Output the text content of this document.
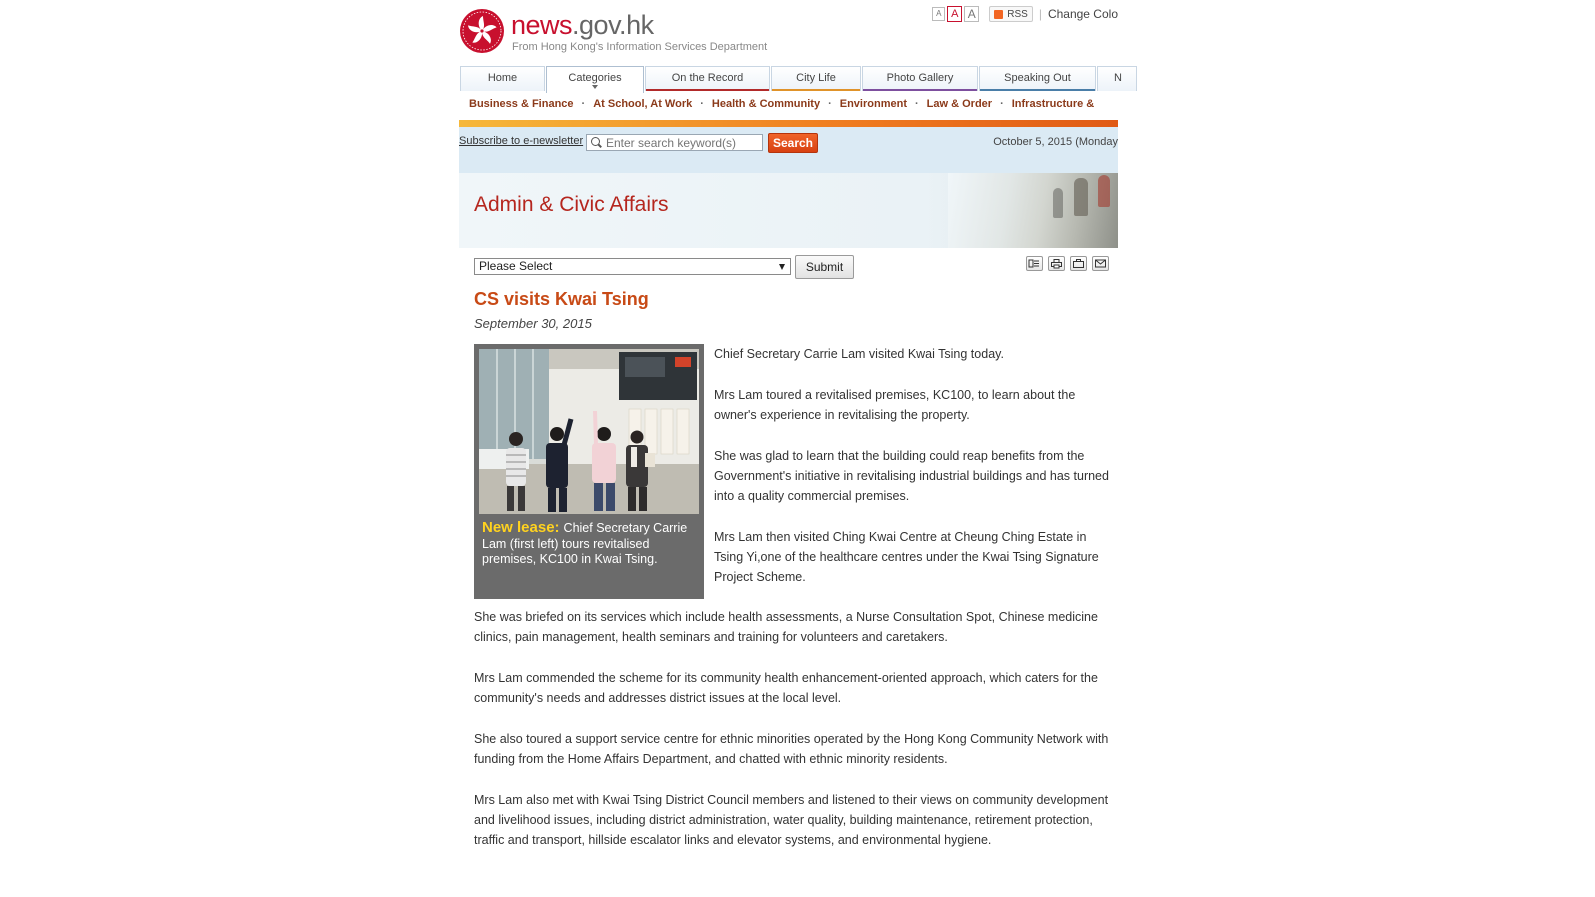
news.gov.hk
From Hong Kong's Information Services Department
A A A	RSS | Change Colo
Home	Categories	On the Record	City Life	Photo Gallery	Speaking Out	N
Business & Finance · At School, At Work · Health & Community · Environment · Law & Order · Infrastructure &
Subscribe to e-newsletter
Enter search keyword(s)	Search	October 5, 2015 (Monday
Admin & Civic Affairs
Please Select	Submit
CS visits Kwai Tsing
September 30, 2015
New lease: Chief Secretary Carrie Lam (first left) tours revitalised premises, KC100 in Kwai Tsing.

Chief Secretary Carrie Lam visited Kwai Tsing today.

Mrs Lam toured a revitalised premises, KC100, to learn about the owner's experience in revitalising the property.

She was glad to learn that the building could reap benefits from the Government's initiative in revitalising industrial buildings and has turned into a quality commercial premises.

Mrs Lam then visited Ching Kwai Centre at Cheung Ching Estate in Tsing Yi,one of the healthcare centres under the Kwai Tsing Signature Project Scheme.

She was briefed on its services which include health assessments, a Nurse Consultation Spot, Chinese medicine clinics, pain management, health seminars and training for volunteers and caretakers.

Mrs Lam commended the scheme for its community health enhancement-oriented approach, which caters for the community's needs and addresses district issues at the local level.

She also toured a support service centre for ethnic minorities operated by the Hong Kong Community Network with funding from the Home Affairs Department, and chatted with ethnic minority residents.

Mrs Lam also met with Kwai Tsing District Council members and listened to their views on community development and livelihood issues, including district administration, water quality, building maintenance, retirement protection, traffic and transport, hillside escalator links and elevator systems, and environmental hygiene.
